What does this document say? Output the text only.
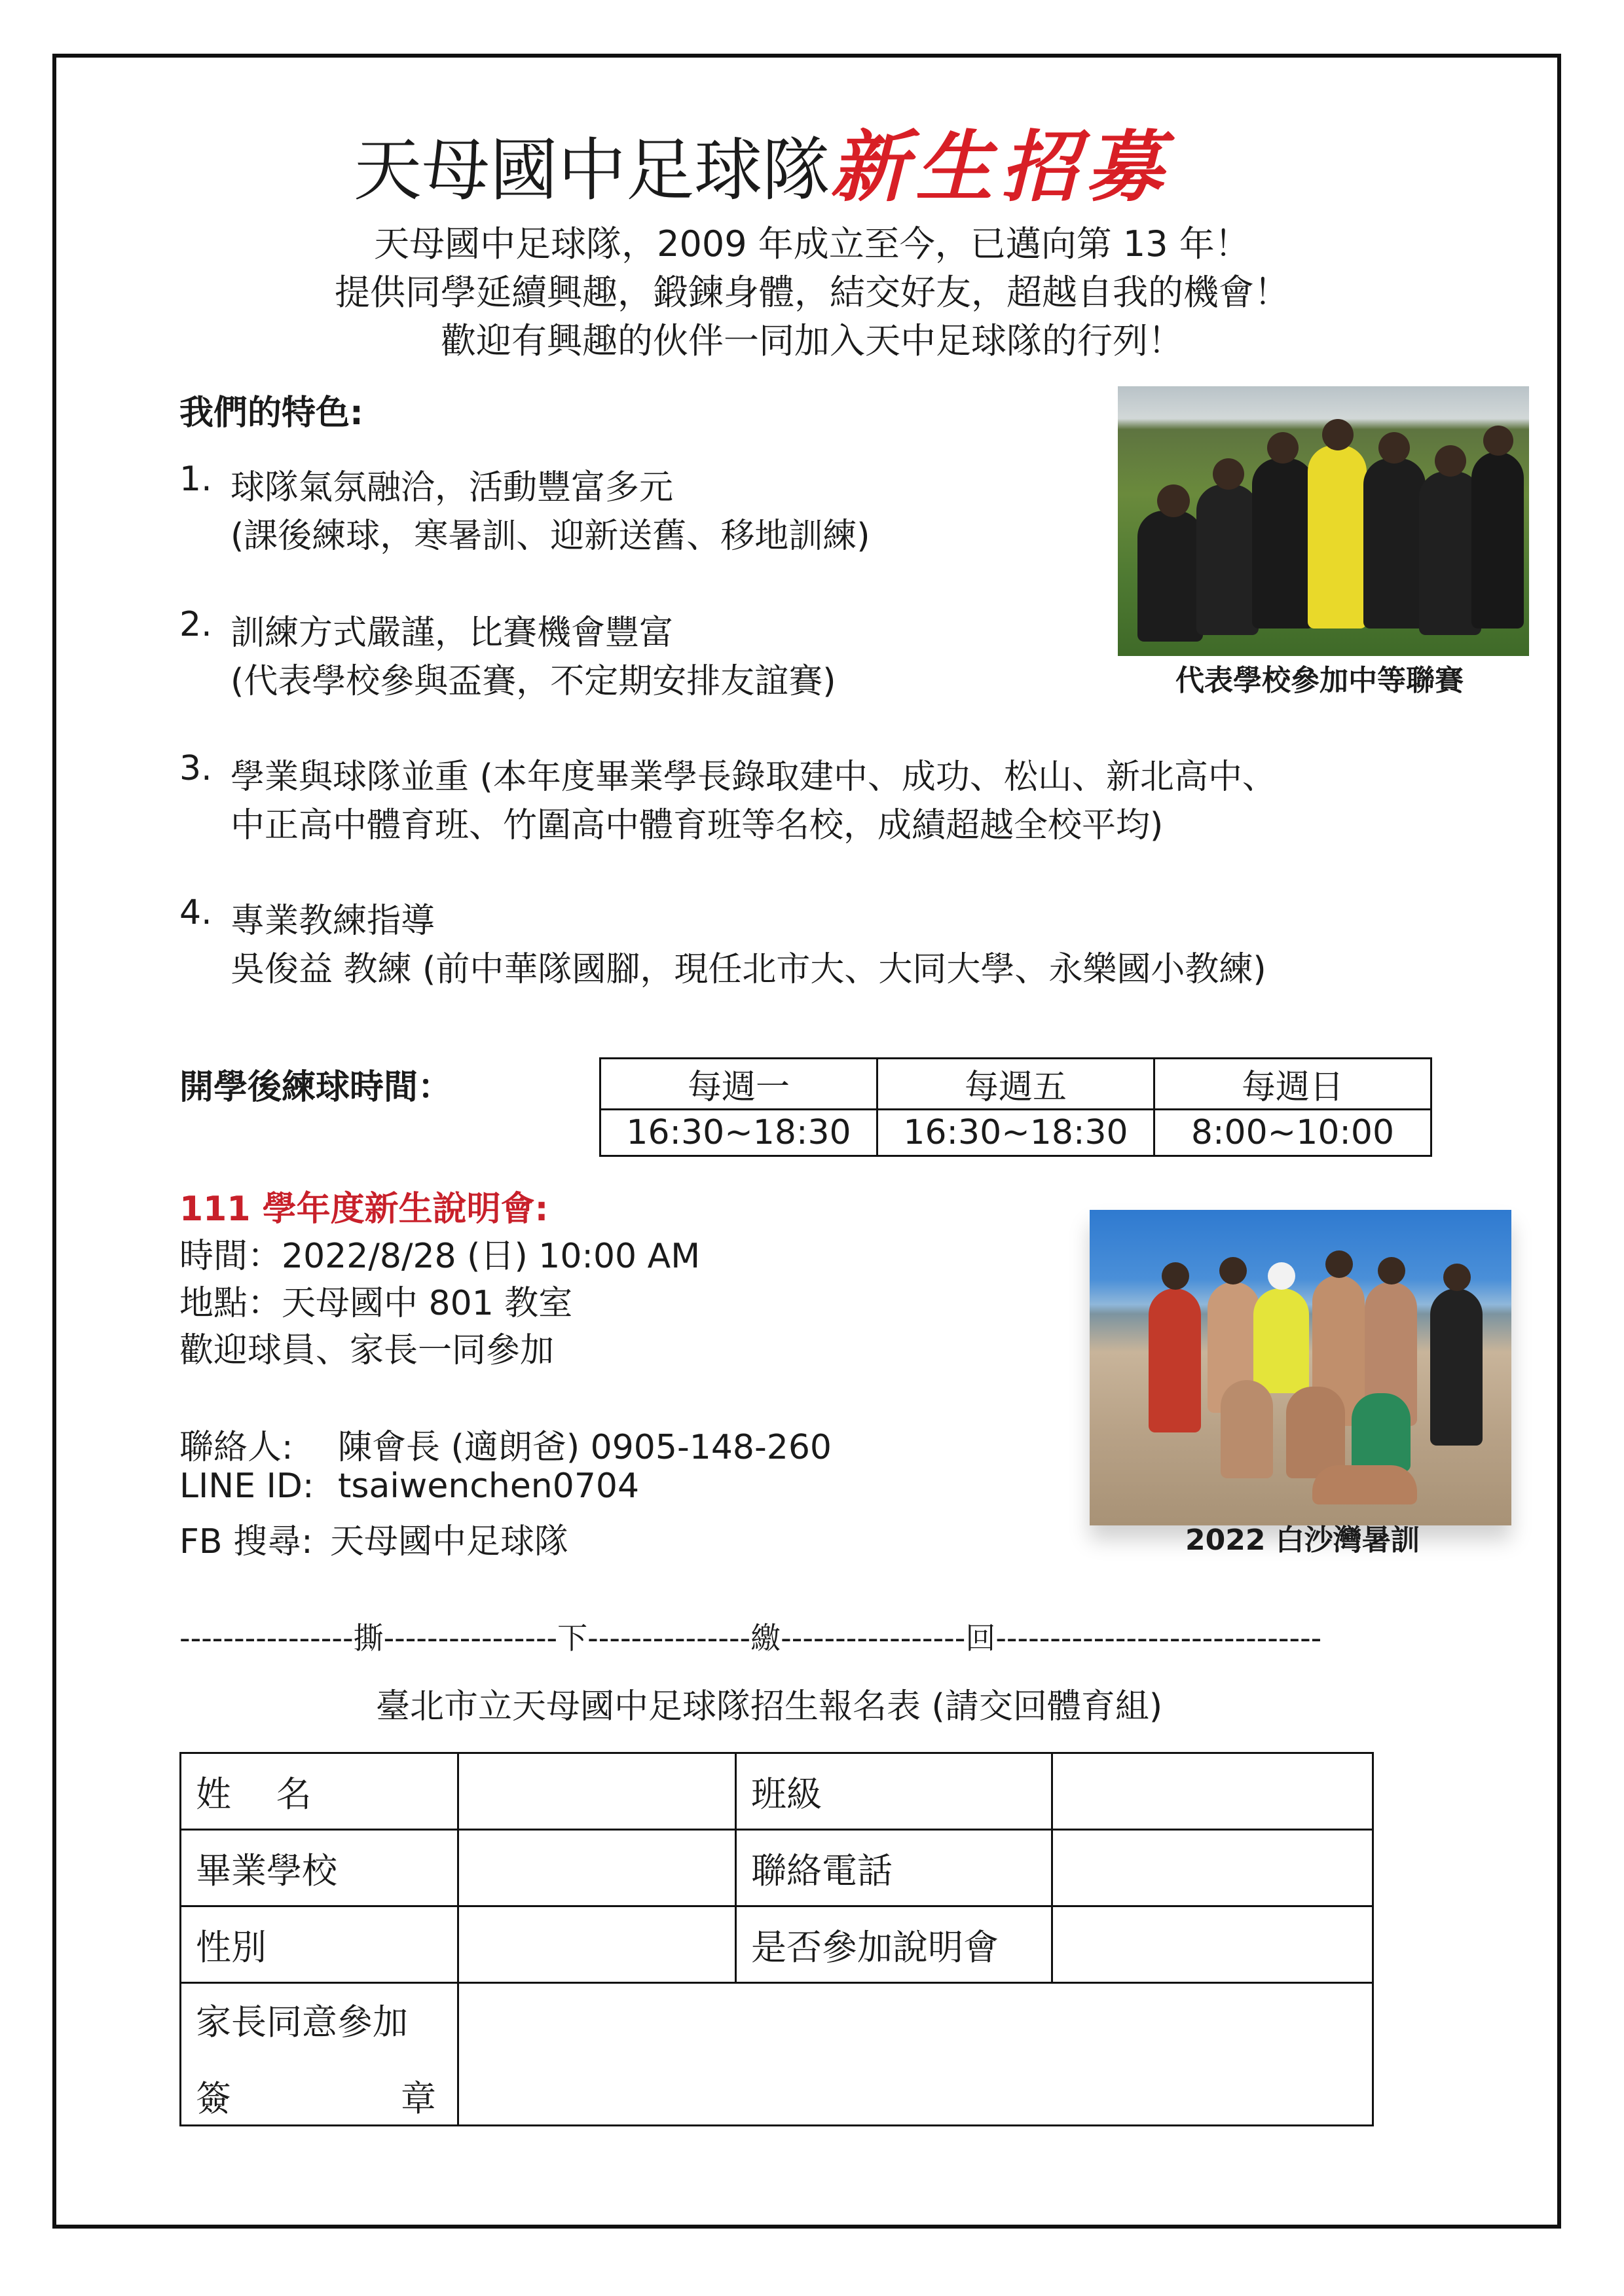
天母國中足球隊新生招募
天母國中足球隊，2009 年成立至今，已邁向第 13 年！
提供同學延續興趣，鍛鍊身體，結交好友，超越自我的機會！
歡迎有興趣的伙伴一同加入天中足球隊的行列！
我們的特色:
1. 球隊氣氛融洽，活動豐富多元
(課後練球，寒暑訓、迎新送舊、移地訓練)
2. 訓練方式嚴謹，比賽機會豐富
(代表學校參與盃賽，不定期安排友誼賽)
3. 學業與球隊並重 (本年度畢業學長錄取建中、成功、松山、新北高中、
中正高中體育班、竹圍高中體育班等名校，成績超越全校平均)
4. 專業教練指導
吳俊益 教練 (前中華隊國腳，現任北市大、大同大學、永樂國小教練)
代表學校參加中等聯賽
開學後練球時間：	每週一	每週五	每週日
16:30~18:30	16:30~18:30	8:00~10:00
111 學年度新生說明會:
時間：2022/8/28 (日) 10:00 AM
地點：天母國中 801 教室
歡迎球員、家長一同參加
聯絡人: 陳會長 (適朗爸) 0905-148-260
LINE ID: tsaiwenchen0704
FB 搜尋: 天母國中足球隊	2022 白沙灣暑訓
----------------撕----------------下---------------繳-----------------回------------------------------
臺北市立天母國中足球隊招生報名表 (請交回體育組)
姓    名		班級	
畢業學校		聯絡電話	
性別		是否參加說明會	

家長同意參加
簽 章			
